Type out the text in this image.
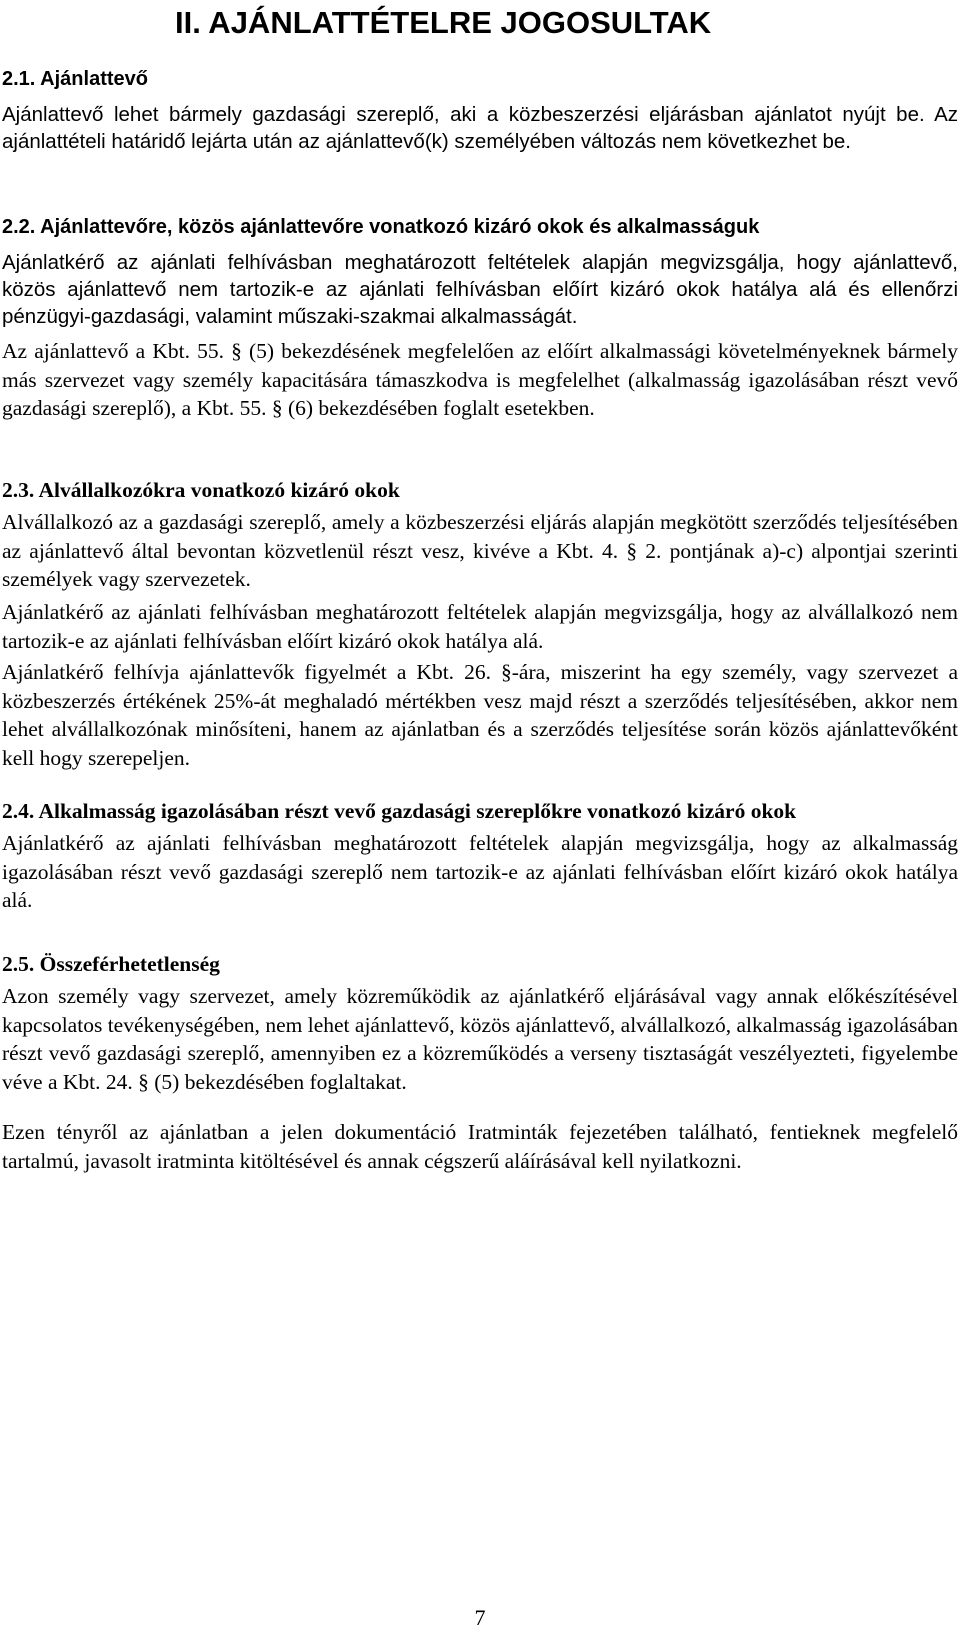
II. AJÁNLATTÉTELRE JOGOSULTAK
2.1. Ajánlattevő

Ajánlattevő lehet bármely gazdasági szereplő, aki a közbeszerzési eljárásban ajánlatot nyújt be. Az ajánlattételi határidő lejárta után az ajánlattevő(k) személyében változás nem következhet be.

2.2. Ajánlattevőre, közös ajánlattevőre vonatkozó kizáró okok és alkalmasságuk

Ajánlatkérő az ajánlati felhívásban meghatározott feltételek alapján megvizsgálja, hogy ajánlattevő, közös ajánlattevő nem tartozik-e az ajánlati felhívásban előírt kizáró okok hatálya alá és ellenőrzi pénzügyi-gazdasági, valamint műszaki-szakmai alkalmasságát.

Az ajánlattevő a Kbt. 55. § (5) bekezdésének megfelelően az előírt alkalmassági követelményeknek bármely más szervezet vagy személy kapacitására támaszkodva is megfelelhet (alkalmasság igazolásában részt vevő gazdasági szereplő), a Kbt. 55. § (6) bekezdésében foglalt esetekben.

2.3. Alvállalkozókra vonatkozó kizáró okok

Alvállalkozó az a gazdasági szereplő, amely a közbeszerzési eljárás alapján megkötött szerződés teljesítésében az ajánlattevő által bevontan közvetlenül részt vesz, kivéve a Kbt. 4. § 2. pontjának a)-c) alpontjai szerinti személyek vagy szervezetek.

Ajánlatkérő az ajánlati felhívásban meghatározott feltételek alapján megvizsgálja, hogy az alvállalkozó nem tartozik-e az ajánlati felhívásban előírt kizáró okok hatálya alá.

Ajánlatkérő felhívja ajánlattevők figyelmét a Kbt. 26. §-ára, miszerint ha egy személy, vagy szervezet a közbeszerzés értékének 25%-át meghaladó mértékben vesz majd részt a szerződés teljesítésében, akkor nem lehet alvállalkozónak minősíteni, hanem az ajánlatban és a szerződés teljesítése során közös ajánlattevőként kell hogy szerepeljen.

2.4. Alkalmasság igazolásában részt vevő gazdasági szereplőkre vonatkozó kizáró okok

Ajánlatkérő az ajánlati felhívásban meghatározott feltételek alapján megvizsgálja, hogy az alkalmasság igazolásában részt vevő gazdasági szereplő nem tartozik-e az ajánlati felhívásban előírt kizáró okok hatálya alá.

2.5. Összeférhetetlenség

Azon személy vagy szervezet, amely közreműködik az ajánlatkérő eljárásával vagy annak előkészítésével kapcsolatos tevékenységében, nem lehet ajánlattevő, közös ajánlattevő, alvállalkozó, alkalmasság igazolásában részt vevő gazdasági szereplő, amennyiben ez a közreműködés a verseny tisztaságát veszélyezteti, figyelembe véve a Kbt. 24. § (5) bekezdésében foglaltakat.

Ezen tényről az ajánlatban a jelen dokumentáció Iratminták fejezetében található, fentieknek megfelelő tartalmú, javasolt iratminta kitöltésével és annak cégszerű aláírásával kell nyilatkozni.

7
